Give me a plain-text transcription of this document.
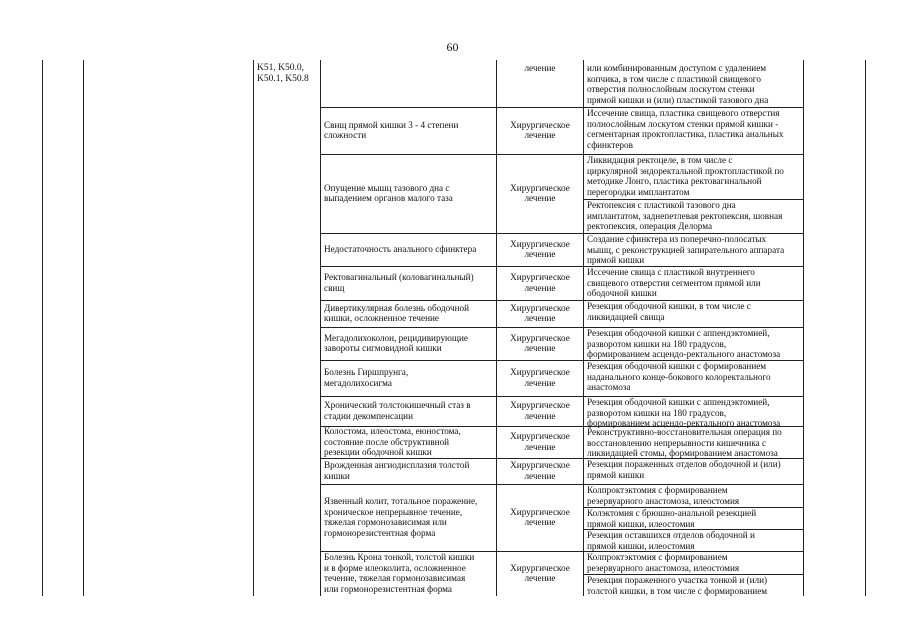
60
K51, K50.0,
K50.1, K50.8
лечение	или комбинированным доступом с удалением
копчика, в том числе с пластикой свищевого
отверстия полнослойным лоскутом стенки
прямой кишки и (или) пластикой тазового дна
Свищ прямой кишки 3 - 4 степени
сложности
Хирургическое
лечение
Иссечение свища, пластика свищевого отверстия
полнослойным лоскутом стенки прямой кишки -
сегментарная проктопластика, пластика анальных
сфинктеров
Опущение мышц тазового дна с
выпадением органов малого таза
Хирургическое
лечение
Ликвидация ректоцеле, в том числе с
циркулярной эндоректальной проктопластикой по
методике Лонго, пластика ректовагинальной
перегородки имплантатом
Ректопексия с пластикой тазового дна
имплантатом, заднепетлевая ректопексия, шовная
ректопексия, операция Делорма
Недостаточность анального сфинктера
Хирургическое
лечение
Создание сфинктера из поперечно-полосатых
мышц, с реконструкцией запирательного аппарата
прямой кишки
Ректовагинальный (коловагинальный)
свищ
Хирургическое
лечение
Иссечение свища с пластикой внутреннего
свищевого отверстия сегментом прямой или
ободочной кишки
Дивертикулярная болезнь ободочной
кишки, осложненное течение
Хирургическое
лечение
Резекция ободочной кишки, в том числе с
ликвидацией свища
Мегадолихоколон, рецидивирующие
завороты сигмовидной кишки
Хирургическое
лечение
Резекция ободочной кишки с аппендэктомией,
разворотом кишки на 180 градусов,
формированием асцендо-ректального анастомоза
Болезнь Гиршпрунга,
мегадолихосигма
Хирургическое
лечение
Резекция ободочной кишки с формированием
наданального конце-бокового колоректального
анастомоза
Хронический толстокишечный стаз в
стадии декомпенсации
Хирургическое
лечение
Резекция ободочной кишки с аппендэктомией,
разворотом кишки на 180 градусов,
формированием асцендо-ректального анастомоза
Колостома, илеостома, еюностома,
состояние после обструктивной
резекции ободочной кишки
Хирургическое
лечение
Реконструктивно-восстановительная операция по
восстановлению непрерывности кишечника с
ликвидацией стомы, формированием анастомоза
Врожденная ангиодисплазия толстой
кишки
Хирургическое
лечение
Резекция пораженных отделов ободочной и (или)
прямой кишки
Язвенный колит, тотальное поражение,
хроническое непрерывное течение,
тяжелая гормонозависимая или
гормонорезистентная форма
Хирургическое
лечение
Колпроктэктомия с формированием
резервуарного анастомоза, илеостомия
Колэктомия с брюшно-анальной резекцией
прямой кишки, илеостомия
Резекция оставшихся отделов ободочной и
прямой кишки, илеостомия
Болезнь Крона тонкой, толстой кишки
и в форме илеоколита, осложненное
течение, тяжелая гормонозависимая
или гормонорезистентная форма
Хирургическое
лечение
Колпроктэктомия с формированием
резервуарного анастомоза, илеостомия
Резекция пораженного участка тонкой и (или)
толстой кишки, в том числе с формированием
